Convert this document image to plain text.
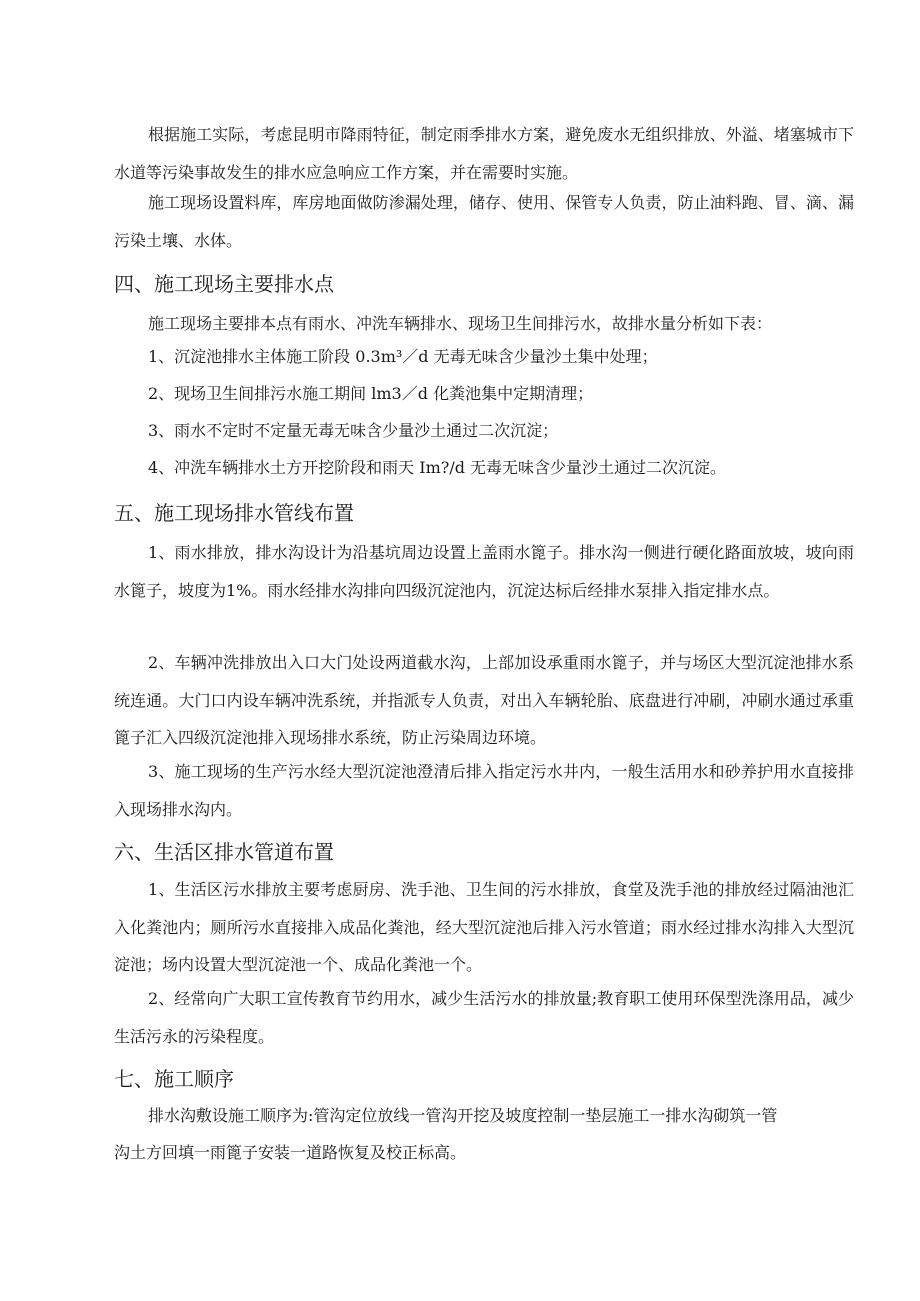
根据施工实际，考虑昆明市降雨特征，制定雨季排水方案，避免废水无组织排放、外溢、堵塞城市下水道等污染事故发生的排水应急响应工作方案，并在需要时实施。

施工现场设置料库，库房地面做防渗漏处理，储存、使用、保管专人负责，防止油料跑、冒、滴、漏污染土壤、水体。

四、施工现场主要排水点

施工现场主要排本点有雨水、冲洗车辆排水、现场卫生间排污水，故排水量分析如下表：

1、沉淀池排水主体施工阶段 0.3m³／d 无毒无味含少量沙土集中处理；

2、现场卫生间排污水施工期间 lm3／d 化粪池集中定期清理；

3、雨水不定时不定量无毒无味含少量沙土通过二次沉淀；

4、冲洗车辆排水土方开挖阶段和雨天 Im?/d 无毒无味含少量沙土通过二次沉淀。

五、施工现场排水管线布置

1、雨水排放，排水沟设计为沿基坑周边设置上盖雨水篦子。排水沟一侧进行硬化路面放坡，坡向雨水篦子，坡度为1%。雨水经排水沟排向四级沉淀池内，沉淀达标后经排水泵排入指定排水点。

2、车辆冲洗排放出入口大门处设两道截水沟，上部加设承重雨水篦子，并与场区大型沉淀池排水系统连通。大门口内设车辆冲洗系统，并指派专人负责，对出入车辆轮胎、底盘进行冲刷，冲刷水通过承重篦子汇入四级沉淀池排入现场排水系统，防止污染周边环境。

3、施工现场的生产污水经大型沉淀池澄清后排入指定污水井内，一般生活用水和砂养护用水直接排入现场排水沟内。

六、生活区排水管道布置

1、生活区污水排放主要考虑厨房、洗手池、卫生间的污水排放，食堂及洗手池的排放经过隔油池汇入化粪池内；厕所污水直接排入成品化粪池，经大型沉淀池后排入污水管道；雨水经过排水沟排入大型沉淀池；场内设置大型沉淀池一个、成品化粪池一个。

2、经常向广大职工宣传教育节约用水，减少生活污水的排放量;教育职工使用环保型洗涤用品，减少生活污永的污染程度。

七、施工顺序

排水沟敷设施工顺序为:管沟定位放线一管沟开挖及坡度控制一垫层施工一排水沟砌筑一管

沟土方回填一雨篦子安装一道路恢复及校正标高。
